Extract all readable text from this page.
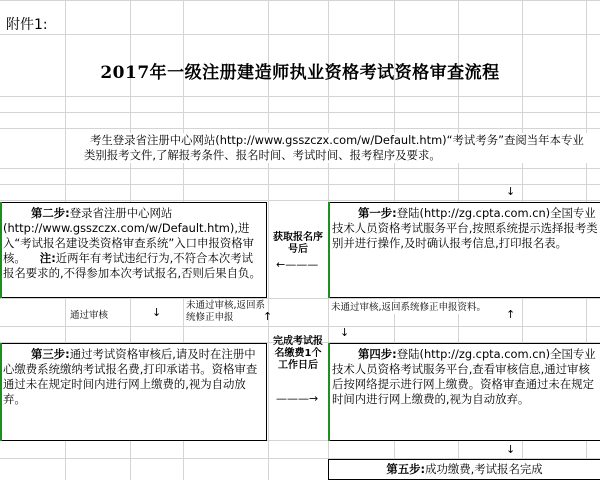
附件1:
2017年一级注册建造师执业资格考试资格审查流程
考生登录省注册中心网站(http://www.gsszczx.com/w/Default.htm)“考试考务”查阅当年本专业类别报考文件,了解报考条件、报名时间、考试时间、报考程序及要求。
↓
第二步:登录省注册中心网站(http://www.gsszczx.com/w/Default.htm),进入“考试报名建设类资格审查系统”入口申报资格审核。 注:近两年有考试违纪行为,不符合本次考试报名要求的,不得参加本次考试报名,否则后果自负。
获取报名序号后
←———
第一步:登陆(http://zg.cpta.com.cn)全国专业技术人员资格考试服务平台,按照系统提示选择报考类别并进行操作,及时确认报考信息,打印报名表。
通过审核	↓
未通过审核,返回系统修正申报	↑
未通过审核,返回系统修正申报资料。
↑
↓
第三步:通过考试资格审核后,请及时在注册中心缴费系统缴纳考试报名费,打印承诺书。资格审查通过未在规定时间内进行网上缴费的,视为自动放弃。
完成考试报名缴费1个工作日后
———→
第四步:登陆(http://zg.cpta.com.cn)全国专业技术人员资格考试服务平台,查看审核信息,通过审核后按网络提示进行网上缴费。资格审查通过未在规定时间内进行网上缴费的,视为自动放弃。
↓
第五步:成功缴费,考试报名完成
